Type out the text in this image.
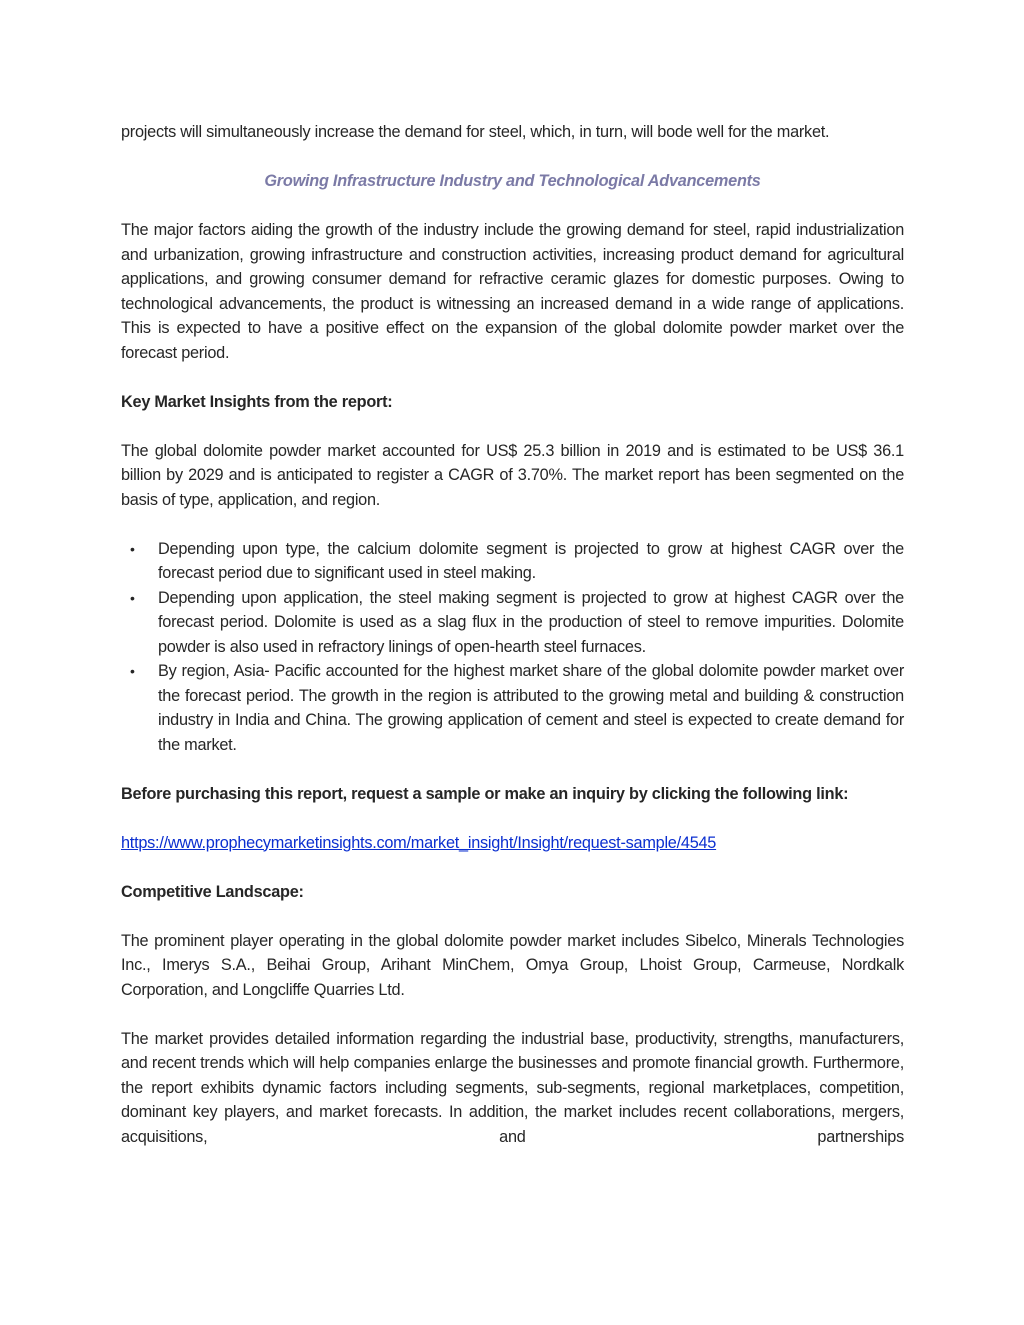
projects will simultaneously increase the demand for steel, which, in turn, will bode well for the market.

Growing Infrastructure Industry and Technological Advancements

The major factors aiding the growth of the industry include the growing demand for steel, rapid industrialization and urbanization, growing infrastructure and construction activities, increasing product demand for agricultural applications, and growing consumer demand for refractive ceramic glazes for domestic purposes. Owing to technological advancements, the product is witnessing an increased demand in a wide range of applications. This is expected to have a positive effect on the expansion of the global dolomite powder market over the forecast period.

Key Market Insights from the report:

The global dolomite powder market accounted for US$ 25.3 billion in 2019 and is estimated to be US$ 36.1 billion by 2029 and is anticipated to register a CAGR of 3.70%. The market report has been segmented on the basis of type, application, and region.

• Depending upon type, the calcium dolomite segment is projected to grow at highest CAGR over the forecast period due to significant used in steel making.
• Depending upon application, the steel making segment is projected to grow at highest CAGR over the forecast period. Dolomite is used as a slag flux in the production of steel to remove impurities. Dolomite powder is also used in refractory linings of open-hearth steel furnaces.
• By region, Asia- Pacific accounted for the highest market share of the global dolomite powder market over the forecast period. The growth in the region is attributed to the growing metal and building & construction industry in India and China. The growing application of cement and steel is expected to create demand for the market.

Before purchasing this report, request a sample or make an inquiry by clicking the following link:

https://www.prophecymarketinsights.com/market_insight/Insight/request-sample/4545

Competitive Landscape:

The prominent player operating in the global dolomite powder market includes Sibelco, Minerals Technologies Inc., Imerys S.A., Beihai Group, Arihant MinChem, Omya Group, Lhoist Group, Carmeuse, Nordkalk Corporation, and Longcliffe Quarries Ltd.

The market provides detailed information regarding the industrial base, productivity, strengths, manufacturers, and recent trends which will help companies enlarge the businesses and promote financial growth. Furthermore, the report exhibits dynamic factors including segments, sub-segments, regional marketplaces, competition, dominant key players, and market forecasts. In addition, the market includes recent collaborations, mergers, acquisitions, and partnerships
